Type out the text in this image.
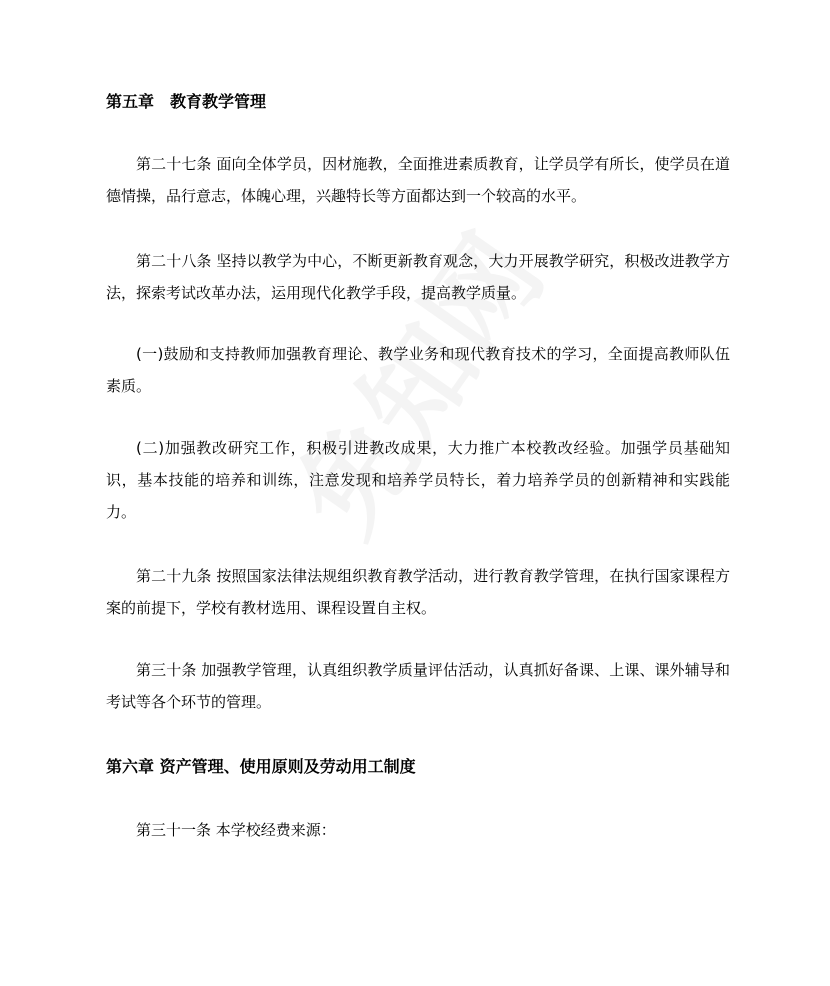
第五章　教育教学管理

第二十七条 面向全体学员，因材施教，全面推进素质教育，让学员学有所长，使学员在道德情操，品行意志，体魄心理，兴趣特长等方面都达到一个较高的水平。

第二十八条 坚持以教学为中心，不断更新教育观念，大力开展教学研究，积极改进教学方法，探索考试改革办法，运用现代化教学手段，提高教学质量。

(一)鼓励和支持教师加强教育理论、教学业务和现代教育技术的学习，全面提高教师队伍素质。

(二)加强教改研究工作，积极引进教改成果，大力推广本校教改经验。加强学员基础知识，基本技能的培养和训练，注意发现和培养学员特长，着力培养学员的创新精神和实践能力。

第二十九条 按照国家法律法规组织教育教学活动，进行教育教学管理，在执行国家课程方案的前提下，学校有教材选用、课程设置自主权。

第三十条 加强教学管理，认真组织教学质量评估活动，认真抓好备课、上课、课外辅导和考试等各个环节的管理。

第六章 资产管理、使用原则及劳动用工制度

第三十一条 本学校经费来源：
